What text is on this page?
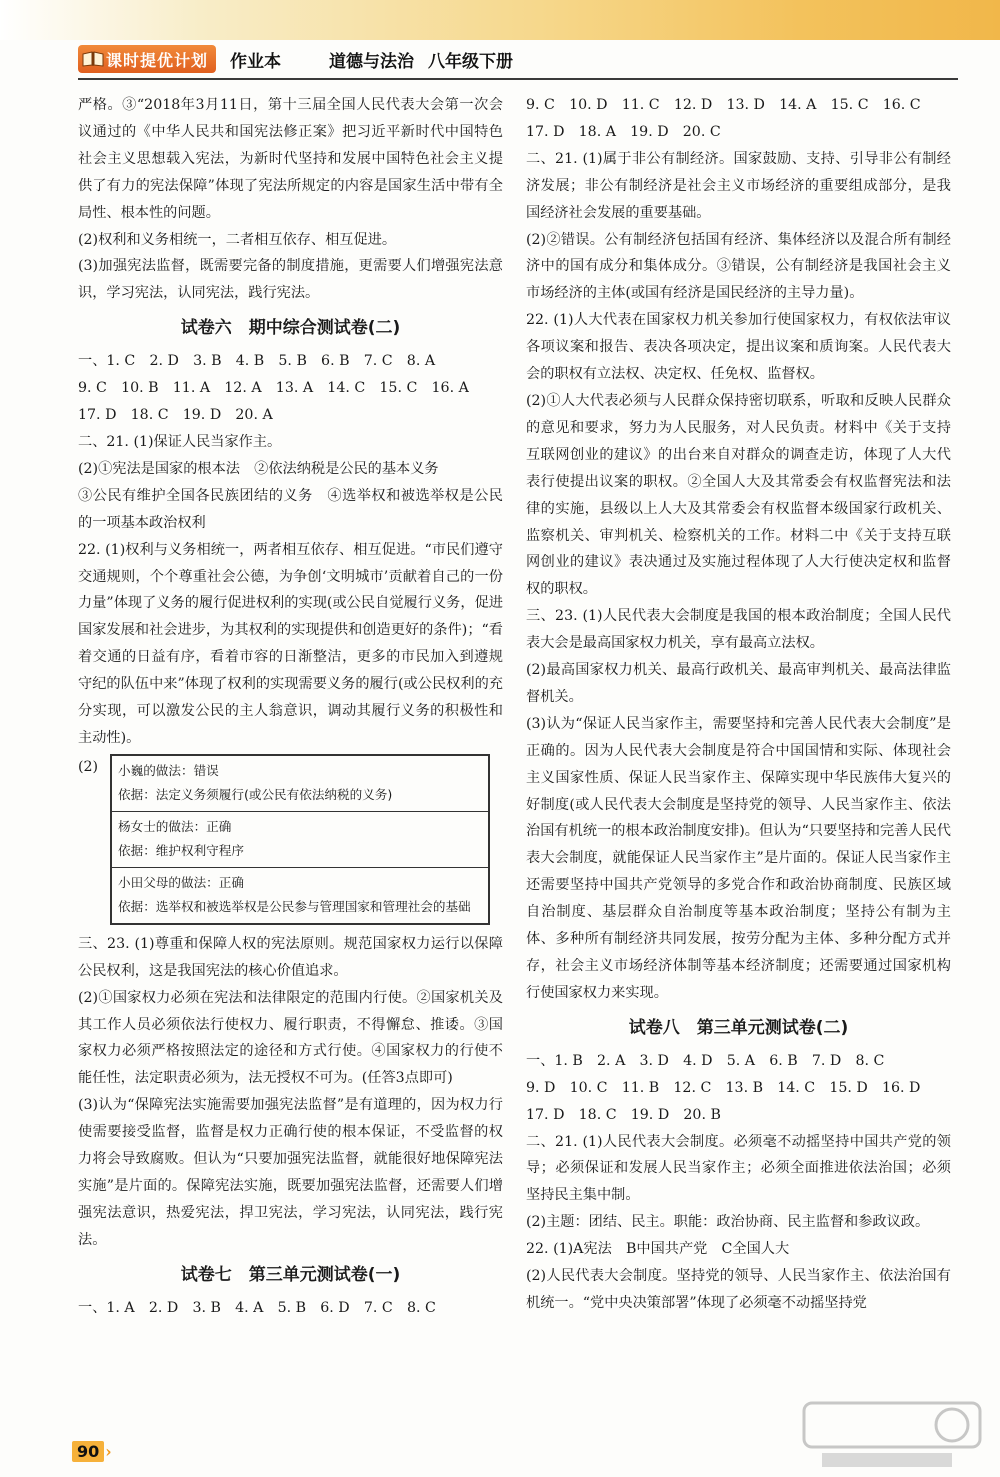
课时提优计划 作业本	道德与法治 八年级下册

严格。③“2018年3月11日，第十三届全国人民代表大会第一次会议通过的《中华人民共和国宪法修正案》把习近平新时代中国特色社会主义思想载入宪法，为新时代坚持和发展中国特色社会主义提供了有力的宪法保障”体现了宪法所规定的内容是国家生活中带有全局性、根本性的问题。

(2)权利和义务相统一，二者相互依存、相互促进。

(3)加强宪法监督，既需要完备的制度措施，更需要人们增强宪法意识，学习宪法，认同宪法，践行宪法。

试卷六　期中综合测试卷(二)

一、1. C　2. D　3. B　4. B　5. B　6. B　7. C　8. A

9. C　10. B　11. A　12. A　13. A　14. C　15. C　16. A

17. D　18. C　19. D　20. A

二、21. (1)保证人民当家作主。

(2)①宪法是国家的根本法　②依法纳税是公民的基本义务

③公民有维护全国各民族团结的义务　④选举权和被选举权是公民的一项基本政治权利

22. (1)权利与义务相统一，两者相互依存、相互促进。“市民们遵守交通规则，个个尊重社会公德，为争创‘文明城市’贡献着自己的一份力量”体现了义务的履行促进权利的实现(或公民自觉履行义务，促进国家发展和社会进步，为其权利的实现提供和创造更好的条件)；“看着交通的日益有序，看着市容的日渐整洁，更多的市民加入到遵规守纪的队伍中来”体现了权利的实现需要义务的履行(或公民权利的充分实现，可以激发公民的主人翁意识，调动其履行义务的积极性和主动性)。

(2)	小巍的做法：错误
依据：法定义务须履行(或公民有依法纳税的义务)
杨女士的做法：正确
依据：维护权利守程序
小田父母的做法：正确
依据：选举权和被选举权是公民参与管理国家和管理社会的基础

三、23. (1)尊重和保障人权的宪法原则。规范国家权力运行以保障公民权利，这是我国宪法的核心价值追求。

(2)①国家权力必须在宪法和法律限定的范围内行使。②国家机关及其工作人员必须依法行使权力、履行职责，不得懈怠、推诿。③国家权力必须严格按照法定的途径和方式行使。④国家权力的行使不能任性，法定职责必须为，法无授权不可为。(任答3点即可)

(3)认为“保障宪法实施需要加强宪法监督”是有道理的，因为权力行使需要接受监督，监督是权力正确行使的根本保证，不受监督的权力将会导致腐败。但认为“只要加强宪法监督，就能很好地保障宪法实施”是片面的。保障宪法实施，既要加强宪法监督，还需要人们增强宪法意识，热爱宪法，捍卫宪法，学习宪法，认同宪法，践行宪法。

试卷七　第三单元测试卷(一)

一、1. A　2. D　3. B　4. A　5. B　6. D　7. C　8. C

9. C　10. D　11. C　12. D　13. D　14. A　15. C　16. C

17. D　18. A　19. D　20. C

二、21. (1)属于非公有制经济。国家鼓励、支持、引导非公有制经济发展；非公有制经济是社会主义市场经济的重要组成部分，是我国经济社会发展的重要基础。

(2)②错误。公有制经济包括国有经济、集体经济以及混合所有制经济中的国有成分和集体成分。③错误，公有制经济是我国社会主义市场经济的主体(或国有经济是国民经济的主导力量)。

22. (1)人大代表在国家权力机关参加行使国家权力，有权依法审议各项议案和报告、表决各项决定，提出议案和质询案。人民代表大会的职权有立法权、决定权、任免权、监督权。

(2)①人大代表必须与人民群众保持密切联系，听取和反映人民群众的意见和要求，努力为人民服务，对人民负责。材料中《关于支持互联网创业的建议》的出台来自对群众的调查走访，体现了人大代表行使提出议案的职权。②全国人大及其常委会有权监督宪法和法律的实施，县级以上人大及其常委会有权监督本级国家行政机关、监察机关、审判机关、检察机关的工作。材料二中《关于支持互联网创业的建议》表决通过及实施过程体现了人大行使决定权和监督权的职权。

三、23. (1)人民代表大会制度是我国的根本政治制度；全国人民代表大会是最高国家权力机关，享有最高立法权。

(2)最高国家权力机关、最高行政机关、最高审判机关、最高法律监督机关。

(3)认为“保证人民当家作主，需要坚持和完善人民代表大会制度”是正确的。因为人民代表大会制度是符合中国国情和实际、体现社会主义国家性质、保证人民当家作主、保障实现中华民族伟大复兴的好制度(或人民代表大会制度是坚持党的领导、人民当家作主、依法治国有机统一的根本政治制度安排)。但认为“只要坚持和完善人民代表大会制度，就能保证人民当家作主”是片面的。保证人民当家作主还需要坚持中国共产党领导的多党合作和政治协商制度、民族区域自治制度、基层群众自治制度等基本政治制度；坚持公有制为主体、多种所有制经济共同发展，按劳分配为主体、多种分配方式并存，社会主义市场经济体制等基本经济制度；还需要通过国家机构行使国家权力来实现。

试卷八　第三单元测试卷(二)

一、1. B　2. A　3. D　4. D　5. A　6. B　7. D　8. C

9. D　10. C　11. B　12. C　13. B　14. C　15. D　16. D

17. D　18. C　19. D　20. B

二、21. (1)人民代表大会制度。必须毫不动摇坚持中国共产党的领导；必须保证和发展人民当家作主；必须全面推进依法治国；必须坚持民主集中制。

(2)主题：团结、民主。职能：政治协商、民主监督和参政议政。

22. (1)A宪法　B中国共产党　C全国人大

(2)人民代表大会制度。坚持党的领导、人民当家作主、依法治国有机统一。“党中央决策部署”体现了必须毫不动摇坚持党

90 ›
